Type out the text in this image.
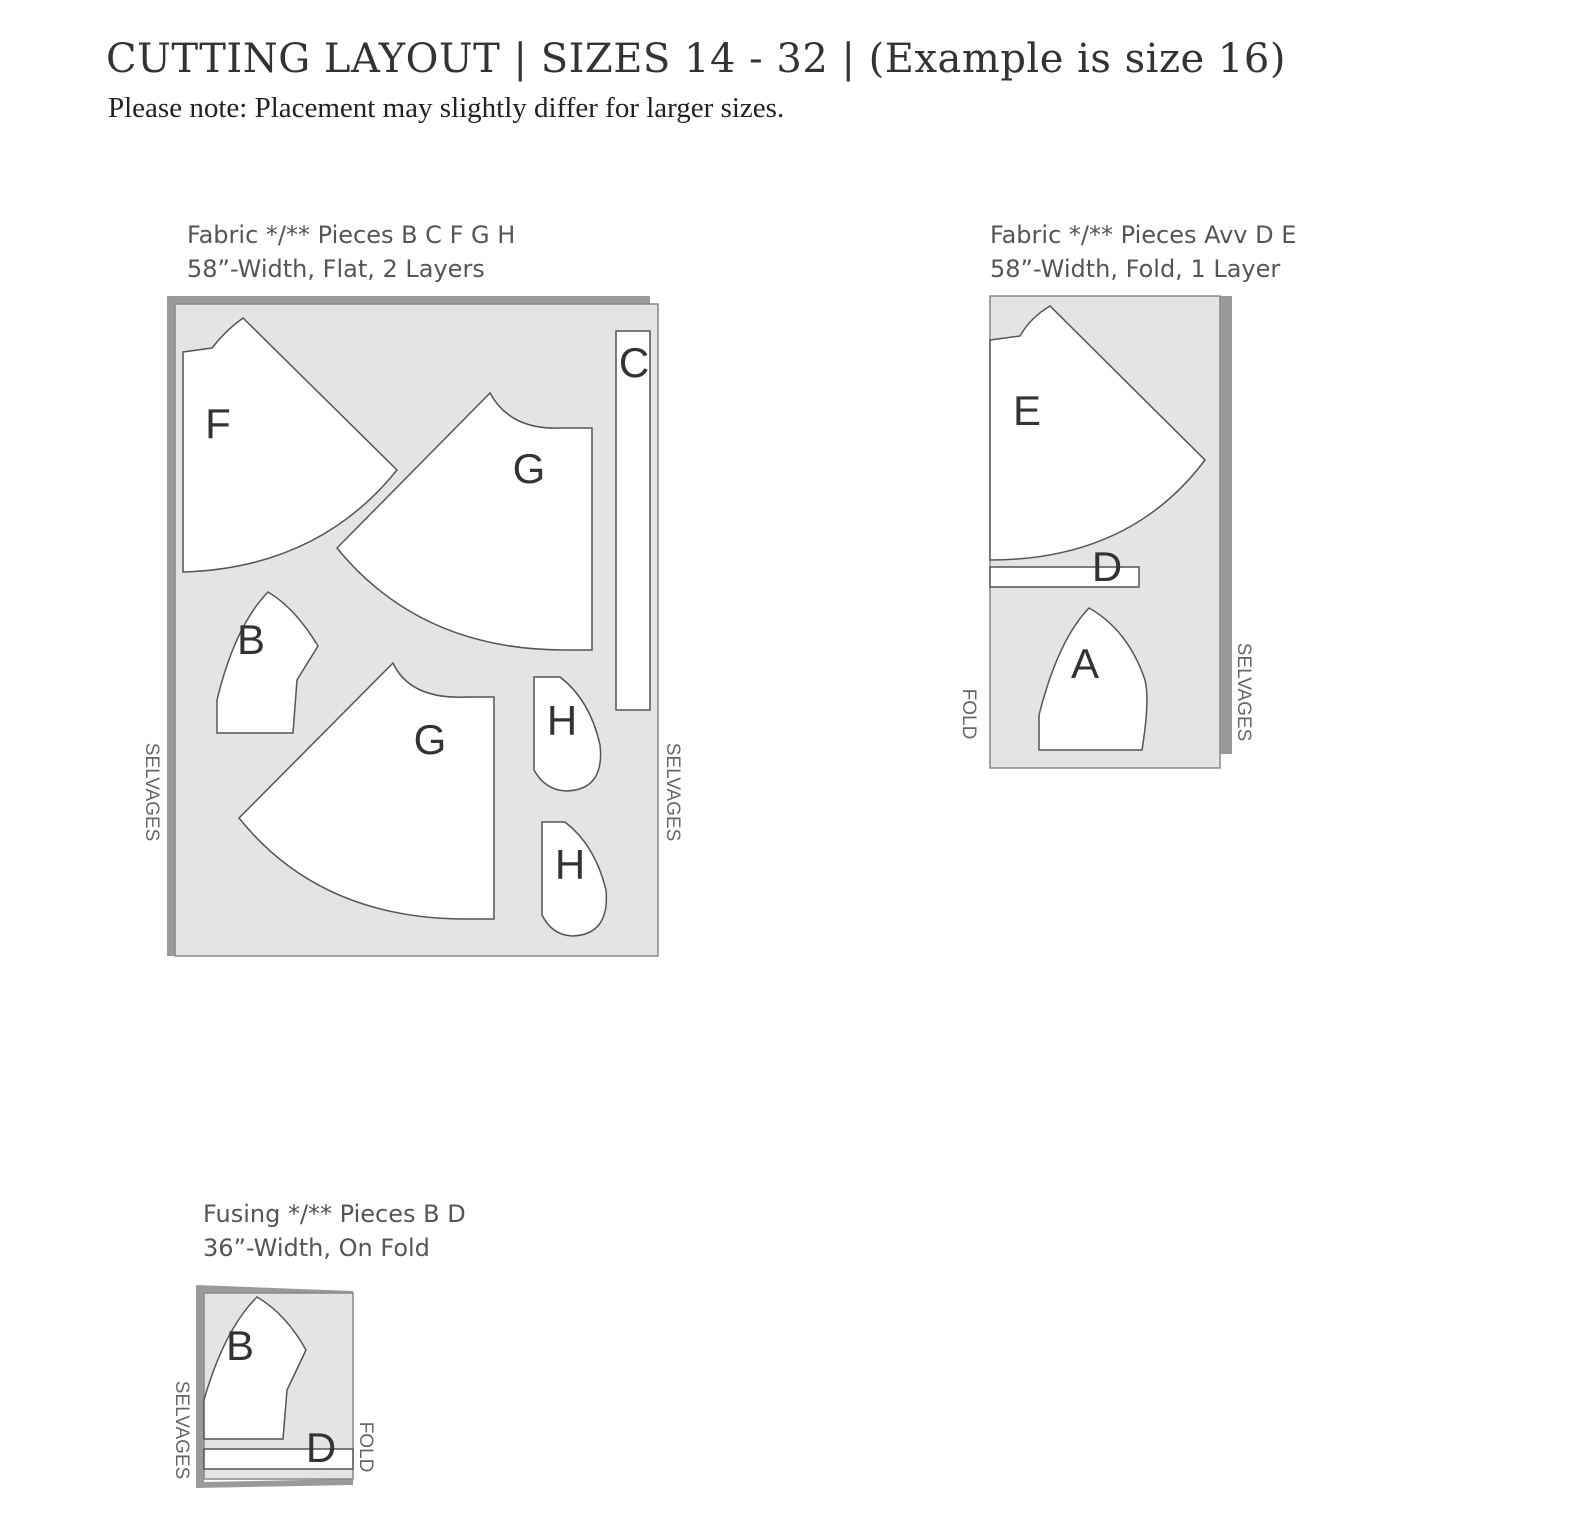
CUTTING LAYOUT | SIZES 14 - 32 | (Example is size 16)

Please note: Placement may slightly differ for larger sizes.

Fabric */** Pieces B C F G H
58”-Width, Flat, 2 Layers
Fabric */** Pieces Avv D E
58”-Width, Fold, 1 Layer
Fusing */** Pieces B D
36”-Width, On Fold
F
G
C
B
G H
H
SELVAGES	SELVAGES
E
D
A
FOLD	SELVAGES
B
D
SELVAGES	FOLD
